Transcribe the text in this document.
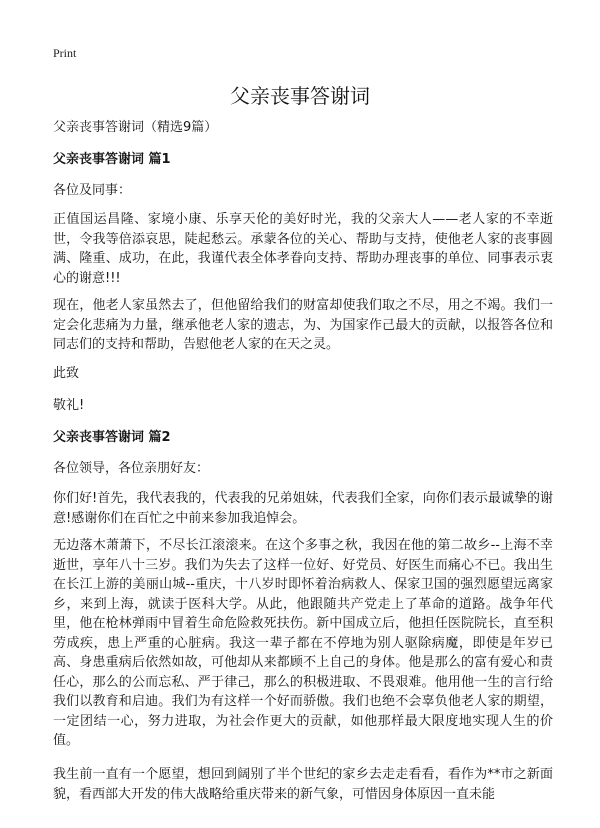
Print
父亲丧事答谢词
父亲丧事答谢词（精选9篇）
父亲丧事答谢词 篇1
各位及同事：
正值国运昌隆、家境小康、乐享天伦的美好时光，我的父亲大人——老人家的不幸逝世，令我等倍添哀思，陡起愁云。承蒙各位的关心、帮助与支持，使他老人家的丧事圆满、隆重、成功，在此，我谨代表全体孝眷向支持、帮助办理丧事的单位、同事表示衷心的谢意!!!
现在，他老人家虽然去了，但他留给我们的财富却使我们取之不尽，用之不竭。我们一定会化悲痛为力量，继承他老人家的遗志，为、为国家作己最大的贡献，以报答各位和同志们的支持和帮助，告慰他老人家的在天之灵。
此致
敬礼!
父亲丧事答谢词 篇2
各位领导，各位亲朋好友：
你们好!首先，我代表我的，代表我的兄弟姐妹，代表我们全家，向你们表示最诚挚的谢意!感谢你们在百忙之中前来参加我追悼会。
无边落木萧萧下，不尽长江滚滚来。在这个多事之秋，我因在他的第二故乡--上海不幸逝世，享年八十三岁。我们为失去了这样一位好、好党员、好医生而痛心不已。我出生在长江上游的美丽山城--重庆，十八岁时即怀着治病救人、保家卫国的强烈愿望远离家乡，来到上海，就读于医科大学。从此，他跟随共产党走上了革命的道路。战争年代里，他在枪林弹雨中冒着生命危险救死扶伤。新中国成立后，他担任医院院长，直至积劳成疾，患上严重的心脏病。我这一辈子都在不停地为别人驱除病魔，即使是年岁已高、身患重病后依然如故，可他却从来都顾不上自己的身体。他是那么的富有爱心和责任心，那么的公而忘私、严于律己，那么的积极进取、不畏艰难。他用他一生的言行给我们以教育和启迪。我们为有这样一个好而骄傲。我们也绝不会辜负他老人家的期望，一定团结一心，努力进取，为社会作更大的贡献，如他那样最大限度地实现人生的价值。
我生前一直有一个愿望，想回到阔别了半个世纪的家乡去走走看看，看作为**市之新面貌，看西部大开发的伟大战略给重庆带来的新气象，可惜因身体原因一直未能
